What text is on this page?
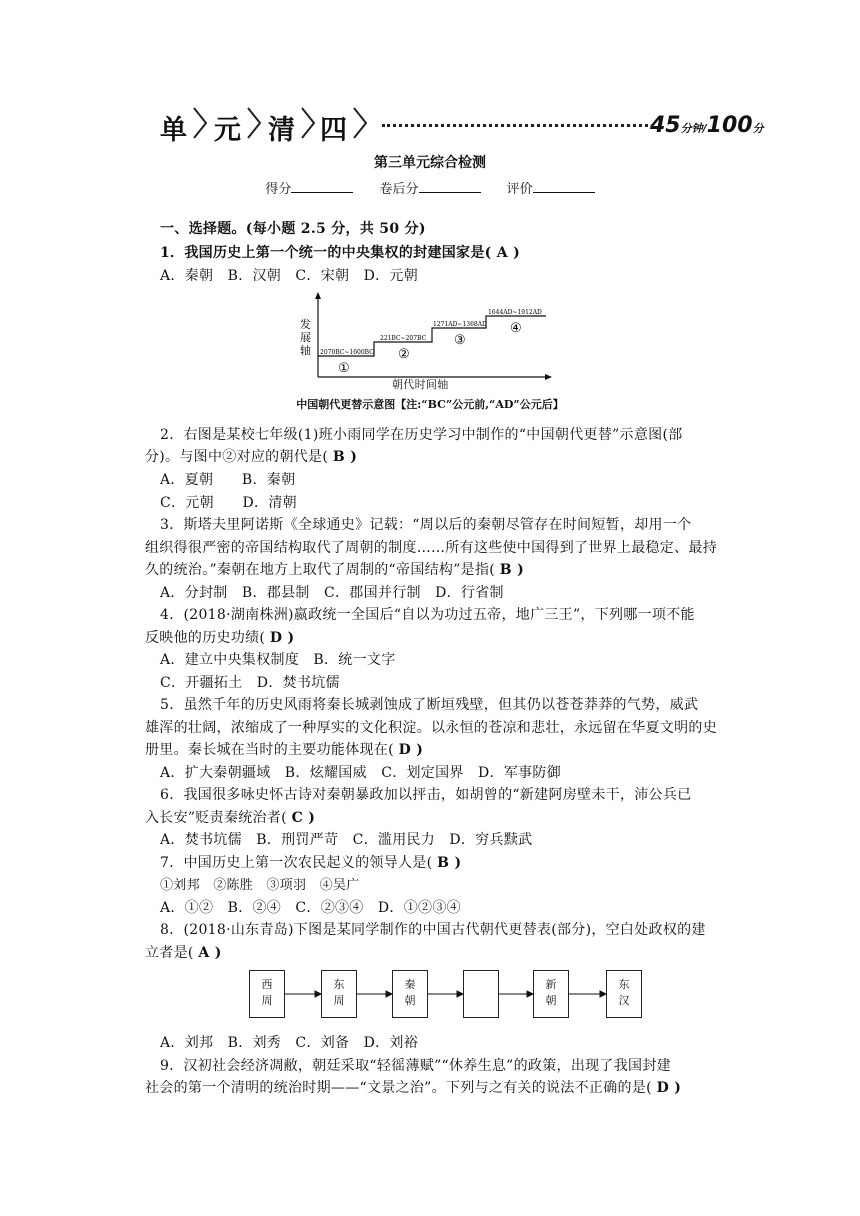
单 元 清 四	45分钟/100分
第三单元综合检测
得分	卷后分	评价
一、选择题。(每小题 2.5 分，共 50 分)
1．我国历史上第一个统一的中央集权的封建国家是( A )
A．秦朝　B．汉朝　C．宋朝　D．元朝
2070BC~1600BC
221BC~207BC
1271AD~1368AD
1644AD~1912AD
①
②
③
④
发
展
轴
朝代时间轴
中国朝代更替示意图【注:“BC”公元前,“AD”公元后】
2．右图是某校七年级(1)班小雨同学在历史学习中制作的“中国朝代更替”示意图(部
分)。与图中②对应的朝代是( B )
A．夏朝　　B．秦朝
C．元朝　　D．清朝
3．斯塔夫里阿诺斯《全球通史》记载：“周以后的秦朝尽管存在时间短暂，却用一个
组织得很严密的帝国结构取代了周朝的制度……所有这些使中国得到了世界上最稳定、最持
久的统治。”秦朝在地方上取代了周制的“帝国结构”是指( B )
A．分封制　B．郡县制　C．郡国并行制　D．行省制
4．(2018·湖南株洲)嬴政统一全国后“自以为功过五帝，地广三王”，下列哪一项不能
反映他的历史功绩( D )
A．建立中央集权制度　B．统一文字
C．开疆拓土　D．焚书坑儒
5．虽然千年的历史风雨将秦长城剥蚀成了断垣残壁，但其仍以苍苍莽莽的气势，威武
雄浑的壮阔，浓缩成了一种厚实的文化积淀。以永恒的苍凉和悲壮，永远留在华夏文明的史
册里。秦长城在当时的主要功能体现在( D )
A．扩大秦朝疆域　B．炫耀国威　C．划定国界　D．军事防御
6．我国很多咏史怀古诗对秦朝暴政加以抨击，如胡曾的“新建阿房壁未干，沛公兵已
入长安”贬责秦统治者( C )
A．焚书坑儒　B．刑罚严苛　C．滥用民力　D．穷兵黩武
7．中国历史上第一次农民起义的领导人是( B )
①刘邦　②陈胜　③项羽　④吴广
A．①②　B．②④　C．②③④　D．①②③④
8．(2018·山东青岛)下图是某同学制作的中国古代朝代更替表(部分)，空白处政权的建
立者是( A )
西
周
东
周
秦
朝

新
朝
东
汉
A．刘邦　B．刘秀　C．刘备　D．刘裕
9．汉初社会经济凋敝，朝廷采取“轻徭薄赋”“休养生息”的政策，出现了我国封建
社会的第一个清明的统治时期——“文景之治”。下列与之有关的说法不正确的是( D )
